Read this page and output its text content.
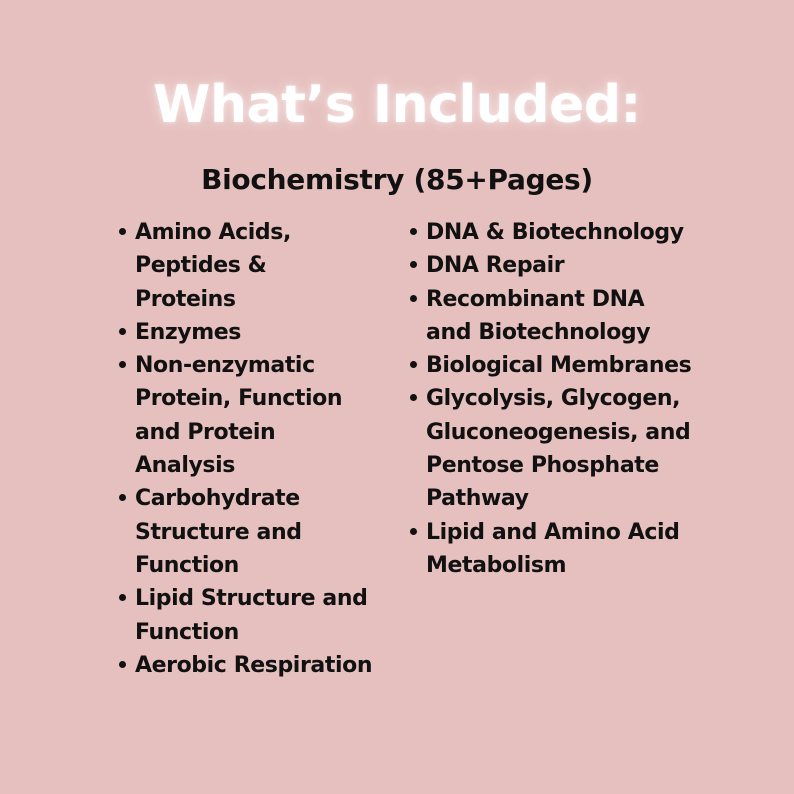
What’s Included:
Biochemistry (85+Pages)
Amino Acids, Peptides & Proteins
Enzymes
Non-enzymatic Protein, Function and Protein Analysis
Carbohydrate Structure and Function
Lipid Structure and Function
Aerobic Respiration
DNA & Biotechnology
DNA Repair
Recombinant DNA and Biotechnology
Biological Membranes
Glycolysis, Glycogen, Gluconeogenesis, and Pentose Phosphate Pathway
Lipid and Amino Acid Metabolism
